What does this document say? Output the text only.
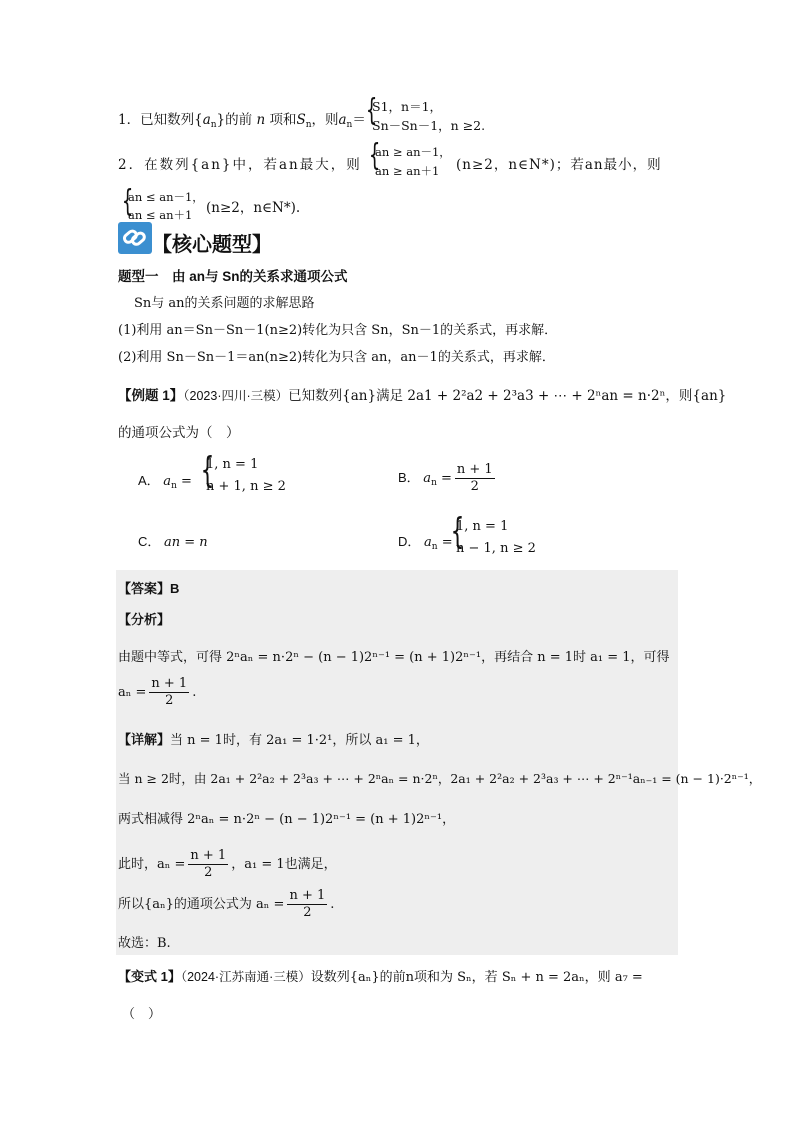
1．已知数列$\{a_n\}$的前 n 项和$S_n$，则$a_n=$ {
S1，n＝1，
Sn－Sn－1，n ≥2.
2．在数列{an}中，若an最大，则 {
an ≥ an－1，
an ≥ an＋1 (n≥2，n∈N*)；若an最小，则
{
an ≤ an－1，
an ≤ an＋1 (n≥2，n∈N*).
【核心题型】
题型一　由 an与 Sn的关系求通项公式
Sn与 an的关系问题的求解思路
(1)利用 an＝Sn－Sn－1(n≥2)转化为只含 Sn，Sn－1的关系式，再求解．
(2)利用 Sn－Sn－1＝an(n≥2)转化为只含 an，an－1的关系式，再求解．
【例题 1】（2023·四川·三模）已知数列{an}满足 2a1 + 2²a2 + 2³a3 + ⋯ + 2ⁿan = n·2ⁿ，则{an}
的通项公式为（　）
A． $a_n$ = {
1, n = 1
n + 1, n ≥ 2
B． $a_n = \frac{n + 1}{2}$
C． an = n	D． $a_n$ =
{
1, n = 1
n − 1, n ≥ 2
【答案】B
【分析】
由题中等式，可得 2ⁿaₙ = n·2ⁿ − (n − 1)2ⁿ⁻¹ = (n + 1)2ⁿ⁻¹，再结合 n = 1时 a₁ = 1，可得
$a_n = \frac{n + 1}{2}$ .
【详解】当 n = 1时，有 2a₁ = 1·2¹，所以 a₁ = 1，
当 n ≥ 2时，由 2a₁ + 2²a₂ + 2³a₃ + ⋯ + 2ⁿaₙ = n·2ⁿ，2a₁ + 2²a₂ + 2³a₃ + ⋯ + 2ⁿ⁻¹aₙ₋₁ = (n − 1)·2ⁿ⁻¹，
两式相减得 2ⁿaₙ = n·2ⁿ − (n − 1)2ⁿ⁻¹ = (n + 1)2ⁿ⁻¹，
此时，$a_n = \frac{n + 1}{2}$ ，a₁ = 1也满足，
所以{aₙ}的通项公式为 $a_n = \frac{n + 1}{2}$ .
故选：B.
【变式 1】（2024·江苏南通·三模）设数列{aₙ}的前n项和为 Sₙ，若 Sₙ + n = 2aₙ，则 a₇ =
（　）
